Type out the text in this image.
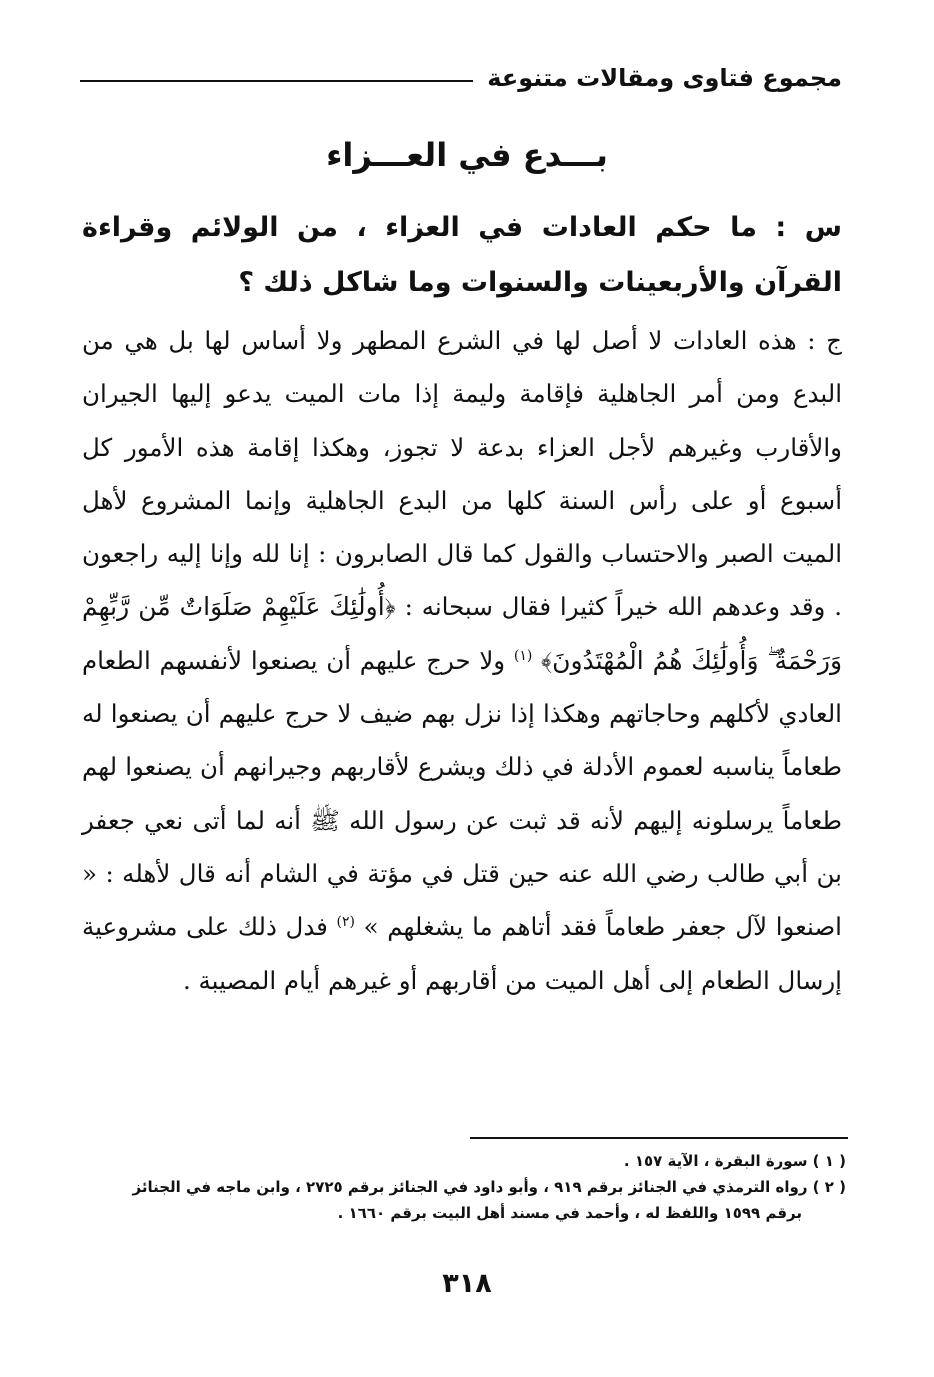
مجموع فتاوى ومقالات متنوعة
بـــدع في العـــزاء

س : ما حكم العادات في العزاء ، من الولائم وقراءة القرآن والأربعينات والسنوات وما شاكل ذلك ؟

ج : هذه العادات لا أصل لها في الشرع المطهر ولا أساس لها بل هي من البدع ومن أمر الجاهلية فإقامة وليمة إذا مات الميت يدعو إليها الجيران والأقارب وغيرهم لأجل العزاء بدعة لا تجوز، وهكذا إقامة هذه الأمور كل أسبوع أو على رأس السنة كلها من البدع الجاهلية وإنما المشروع لأهل الميت الصبر والاحتساب والقول كما قال الصابرون : إنا لله وإنا إليه راجعون . وقد وعدهم الله خيراً كثيرا فقال سبحانه : ﴿أُولَٰئِكَ عَلَيْهِمْ صَلَوَاتٌ مِّن رَّبِّهِمْ وَرَحْمَةٌ ۖ وَأُولَٰئِكَ هُمُ الْمُهْتَدُونَ﴾ $^{(١)}$ ولا حرج عليهم أن يصنعوا لأنفسهم الطعام العادي لأكلهم وحاجاتهم وهكذا إذا نزل بهم ضيف لا حرج عليهم أن يصنعوا له طعاماً يناسبه لعموم الأدلة في ذلك ويشرع لأقاربهم وجيرانهم أن يصنعوا لهم طعاماً يرسلونه إليهم لأنه قد ثبت عن رسول الله ﷺ أنه لما أتى نعي جعفر بن أبي طالب رضي الله عنه حين قتل في مؤتة في الشام أنه قال لأهله : « اصنعوا لآل جعفر طعاماً فقد أتاهم ما يشغلهم » $^{(٢)}$ فدل ذلك على مشروعية إرسال الطعام إلى أهل الميت من أقاربهم أو غيرهم أيام المصيبة .

( ١ ) سورة البقرة ، الآية ١٥٧ .

( ٢ ) رواه الترمذي في الجنائز برقم ٩١٩ ، وأبو داود في الجنائز برقم ٢٧٢٥ ، وابن ماجه في الجنائز

برقم ١٥٩٩ واللفظ له ، وأحمد في مسند أهل البيت برقم ١٦٦٠ .

٣١٨
